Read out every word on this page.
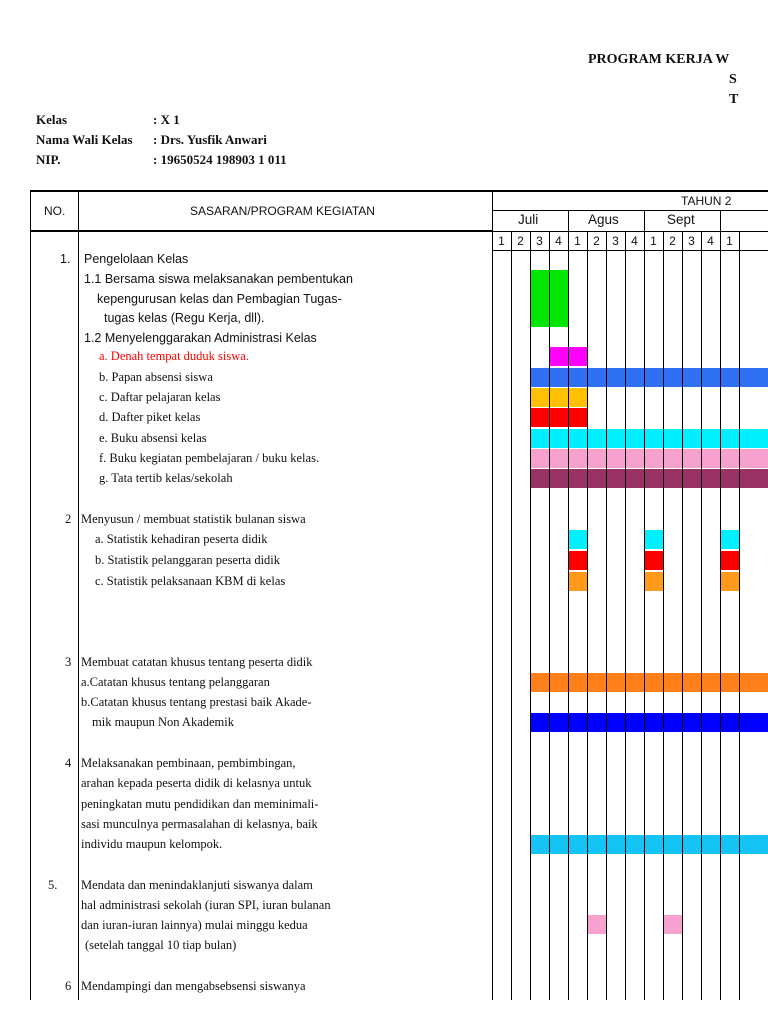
PROGRAM KERJA W
S
T
Kelas	: X 1
Nama Wali Kelas : Drs. Yusfik Anwari
NIP.	: 19650524 198903 1 011
NO.	SASARAN/PROGRAM KEGIATAN
TAHUN 2
Juli	Agus	Sept
1	2	3	4	1	2	3	4	1	2	3	4	1
1. Pengelolaan Kelas
1.1 Bersama siswa melaksanakan pembentukan
kepengurusan kelas dan Pembagian Tugas-
tugas kelas (Regu Kerja, dll).
1.2 Menyelenggarakan Administrasi Kelas
a. Denah tempat duduk siswa.
b. Papan absensi siswa
c. Daftar pelajaran kelas
d. Dafter piket kelas
e. Buku absensi kelas
f. Buku kegiatan pembelajaran / buku kelas.
g. Tata tertib kelas/sekolah
2 Menyusun / membuat statistik bulanan siswa
a. Statistik kehadiran peserta didik
b. Statistik pelanggaran peserta didik
c. Statistik pelaksanaan KBM di kelas
3 Membuat catatan khusus tentang peserta didik
a.Catatan khusus tentang pelanggaran
b.Catatan khusus tentang prestasi baik Akade-
mik maupun Non Akademik
4 Melaksanakan pembinaan, pembimbingan,
arahan kepada peserta didik di kelasnya untuk
peningkatan mutu pendidikan dan meminimali-
sasi munculnya permasalahan di kelasnya, baik
individu maupun kelompok.
5. Mendata dan menindaklanjuti siswanya dalam
hal administrasi sekolah (iuran SPI, iuran bulanan
dan iuran-iuran lainnya) mulai minggu kedua
(setelah tanggal 10 tiap bulan)
6 Mendampingi dan mengabsebsensi siswanya
